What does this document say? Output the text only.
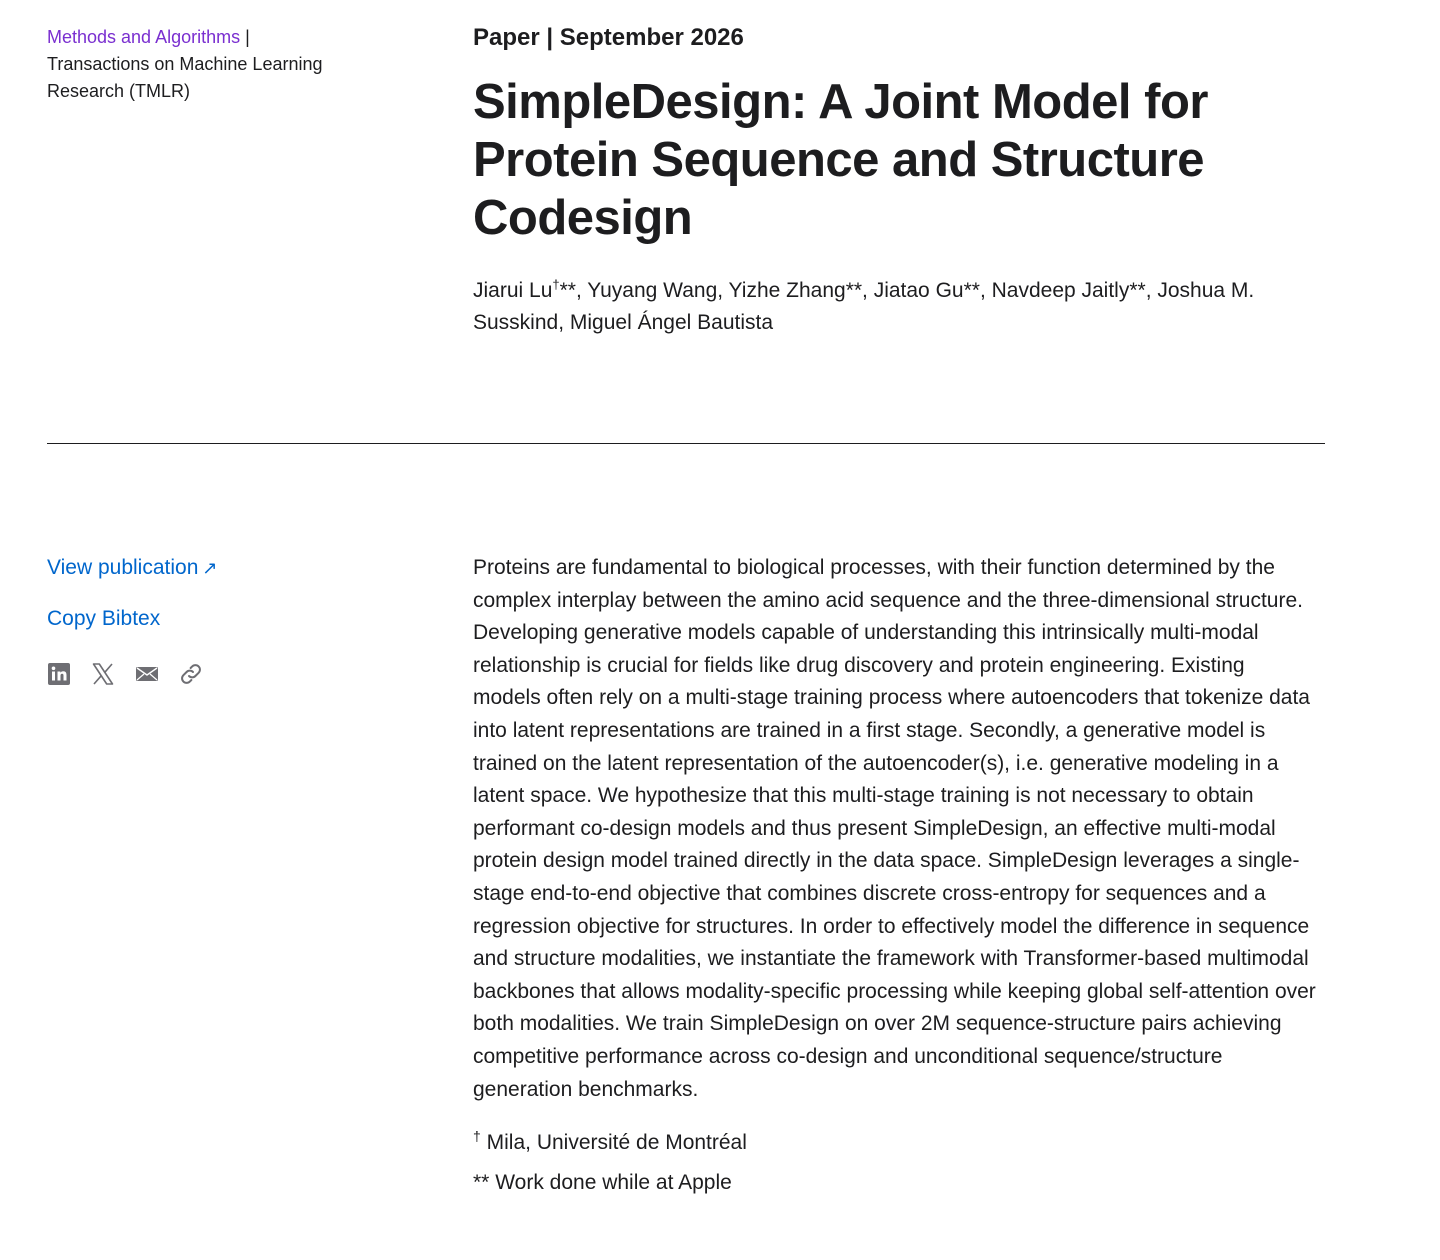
Methods and Algorithms |
Transactions on Machine Learning Research (TMLR)

Paper | September 2026

SimpleDesign: A Joint Model for Protein Sequence and Structure Codesign

Jiarui Lu†**, Yuyang Wang, Yizhe Zhang**, Jiatao Gu**, Navdeep Jaitly**, Joshua M. Susskind, Miguel Ángel Bautista

View publication ↗
Copy Bibtex

Proteins are fundamental to biological processes, with their function determined by the complex interplay between the amino acid sequence and the three-dimensional structure. Developing generative models capable of understanding this intrinsically multi-modal relationship is crucial for fields like drug discovery and protein engineering. Existing models often rely on a multi-stage training process where autoencoders that tokenize data into latent representations are trained in a first stage. Secondly, a generative model is trained on the latent representation of the autoencoder(s), i.e. generative modeling in a latent space. We hypothesize that this multi-stage training is not necessary to obtain performant co-design models and thus present SimpleDesign, an effective multi-modal protein design model trained directly in the data space. SimpleDesign leverages a single-stage end-to-end objective that combines discrete cross-entropy for sequences and a regression objective for structures. In order to effectively model the difference in sequence and structure modalities, we instantiate the framework with Transformer-based multimodal backbones that allows modality-specific processing while keeping global self-attention over both modalities. We train SimpleDesign on over 2M sequence-structure pairs achieving competitive performance across co-design and unconditional sequence/structure generation benchmarks.

† Mila, Université de Montréal

** Work done while at Apple
